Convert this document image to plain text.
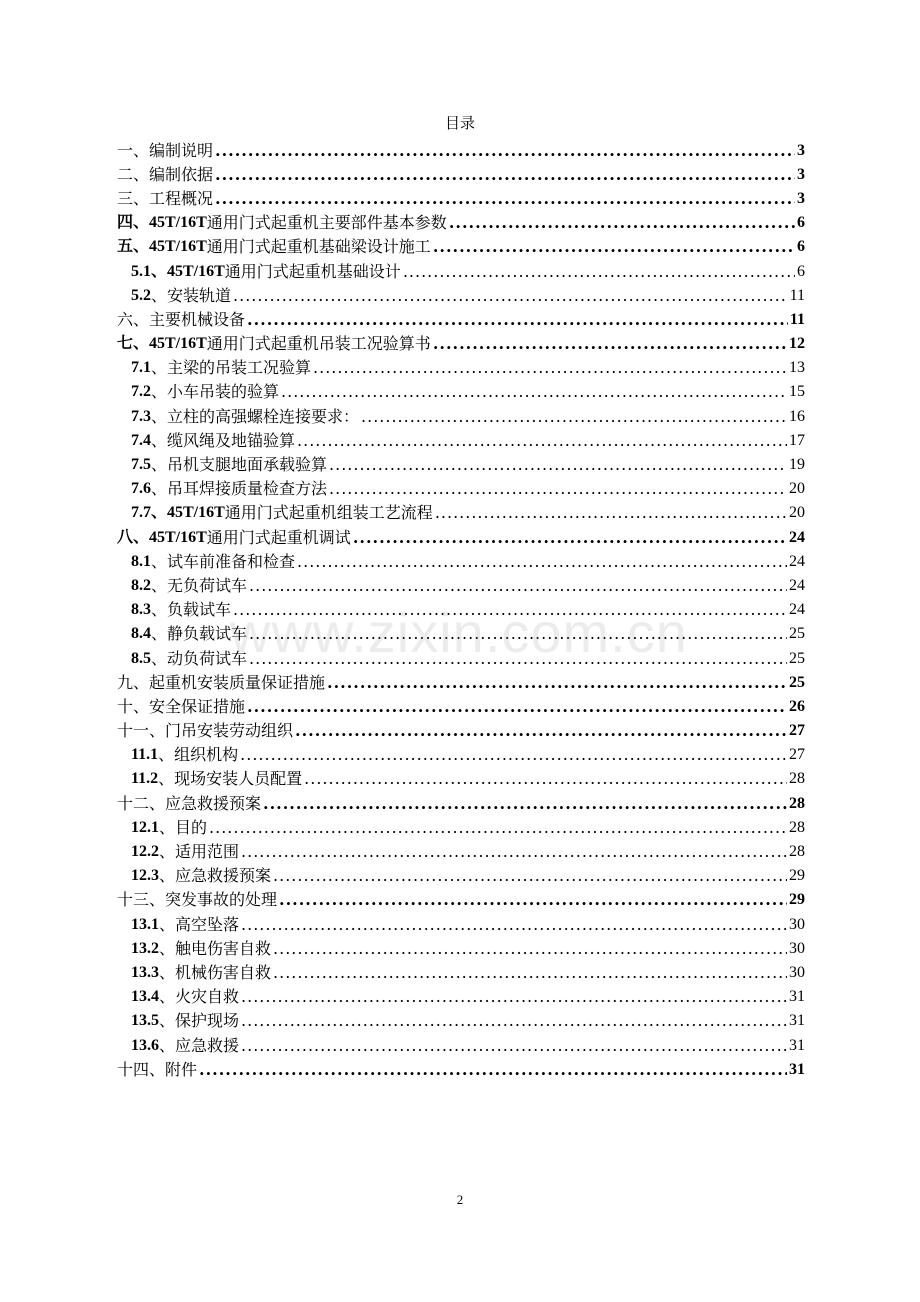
目录
一、编制说明 .....	3
二、编制依据 .....	3
三、工程概况 .....	3
四、45T/16T 通用门式起重机主要部件基本参数 .....	6
五、45T/16T 通用门式起重机基础梁设计施工 .....	6
5.1、45T/16T 通用门式起重机基础设计 .....	6
5.2 、安装轨道 .....	11
六、主要机械设备 .....	11
七、45T/16T 通用门式起重机吊装工况验算书 .....	12
7.1 、主梁的吊装工况验算 .....	13
7.2 、小车吊装的验算 .....	15
7.3 、立柱的高强螺栓连接要求： .....	16
7.4 、缆风绳及地锚验算 .....	17
7.5 、吊机支腿地面承载验算 .....	19
7.6 、吊耳焊接质量检查方法 .....	20
7.7、45T/16T 通用门式起重机组装工艺流程 .....	20
八、45T/16T 通用门式起重机调试 .....	24
8.1 、试车前准备和检查 .....	24
8.2 、无负荷试车 .....	24
8.3 、负载试车 .....	24
8.4 、静负载试车 .....	25
8.5 、动负荷试车 .....	25
九、起重机安装质量保证措施 .....	25
十、安全保证措施 .....	26
十一、门吊安装劳动组织 .....	27
11.1 、组织机构 .....	27
11.2 、现场安装人员配置 .....	28
十二、应急救援预案 .....	28
12.1 、目的 .....	28
12.2 、适用范围 .....	28
12.3 、应急救援预案 .....	29
十三、突发事故的处理 .....	29
13.1 、高空坠落 .....	30
13.2 、触电伤害自救 .....	30
13.3 、机械伤害自救 .....	30
13.4 、火灾自救 .....	31
13.5 、保护现场 .....	31
13.6 、应急救援 .....	31
十四、附件 .....	31
www.zixin.com.cn
2
